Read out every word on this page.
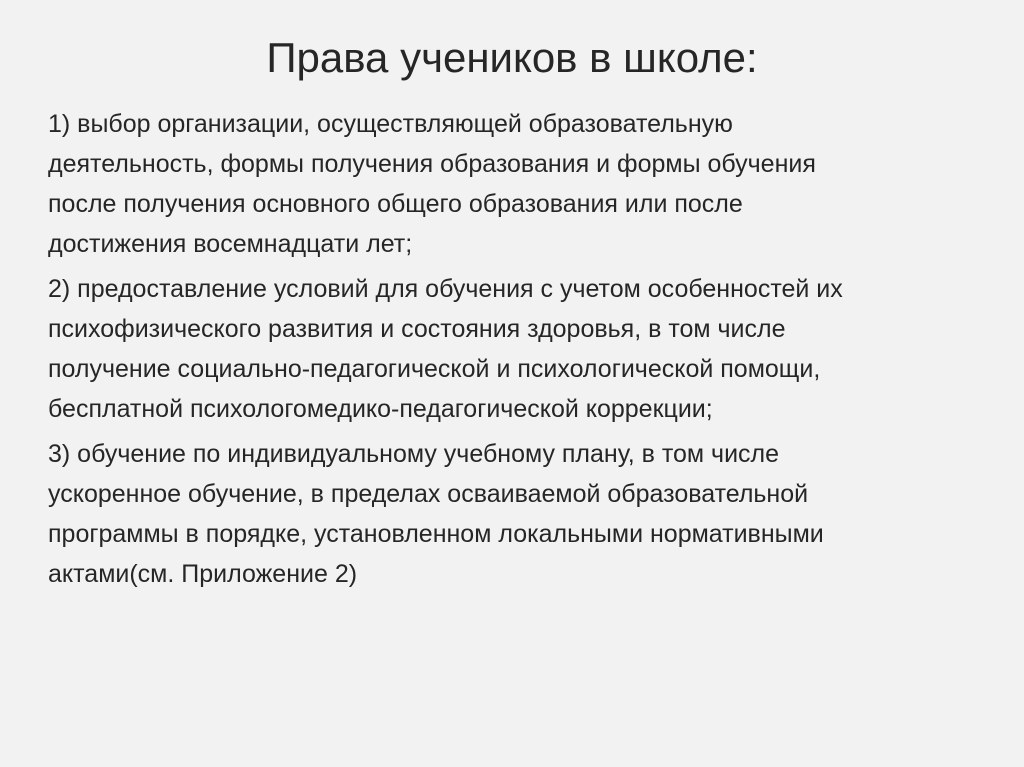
Права учеников в школе:

1) выбор организации, осуществляющей образовательную
деятельность, формы получения образования и формы обучения
после получения основного общего образования или после
достижения восемнадцати лет;

2) предоставление условий для обучения с учетом особенностей их
психофизического развития и состояния здоровья, в том числе
получение социально-педагогической и психологической помощи,
бесплатной психологомедико-педагогической коррекции;

3) обучение по индивидуальному учебному плану, в том числе
ускоренное обучение, в пределах осваиваемой образовательной
программы в порядке, установленном локальными нормативными
актами(см. Приложение 2)
